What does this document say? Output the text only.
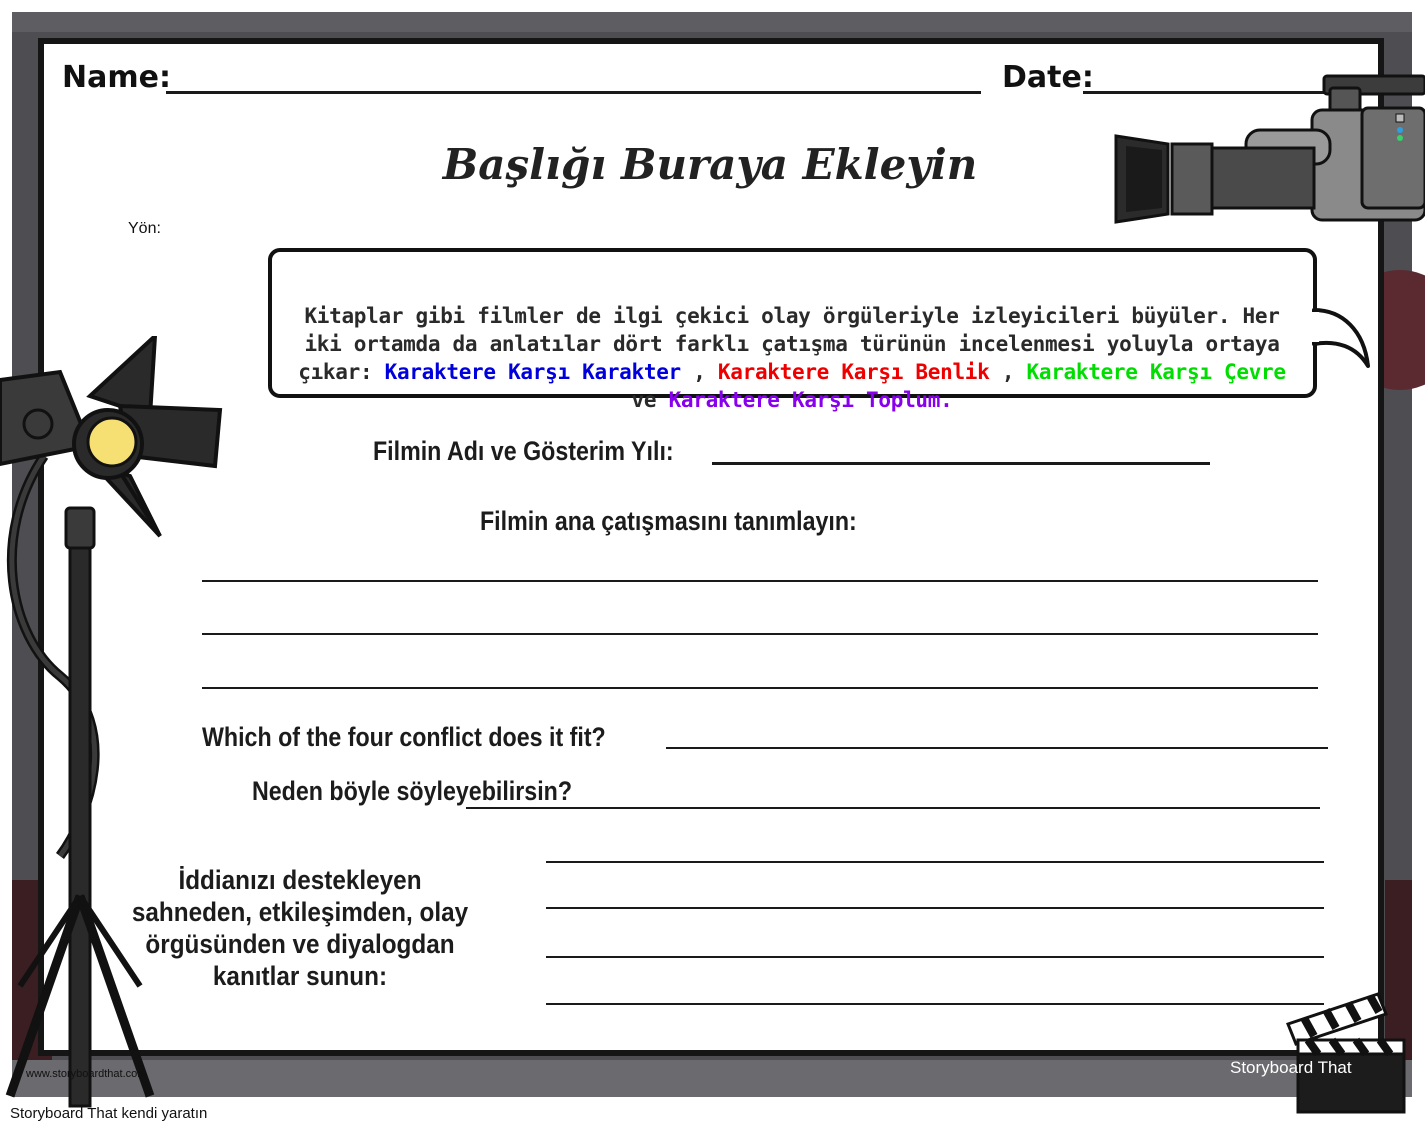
Name:	Date:
Başlığı Buraya Ekleyin
Yön:
Kitaplar gibi filmler de ilgi çekici olay örgüleriyle izleyicileri büyüler. Her iki ortamda da anlatılar dört farklı çatışma türünün incelenmesi yoluyla ortaya çıkar: Karaktere Karşı Karakter , Karaktere Karşı Benlik , Karaktere Karşı Çevre ve Karaktere Karşı Toplum.
Filmin Adı ve Gösterim Yılı:
Filmin ana çatışmasını tanımlayın:
Which of the four conflict does it fit?
Neden böyle söyleyebilirsin?
İddianızı destekleyen
sahneden, etkileşimden, olay
örgüsünden ve diyalogdan
kanıtlar sunun:
www.storyboardthat.com
Storyboard That kendi yaratın
Storyboard That
